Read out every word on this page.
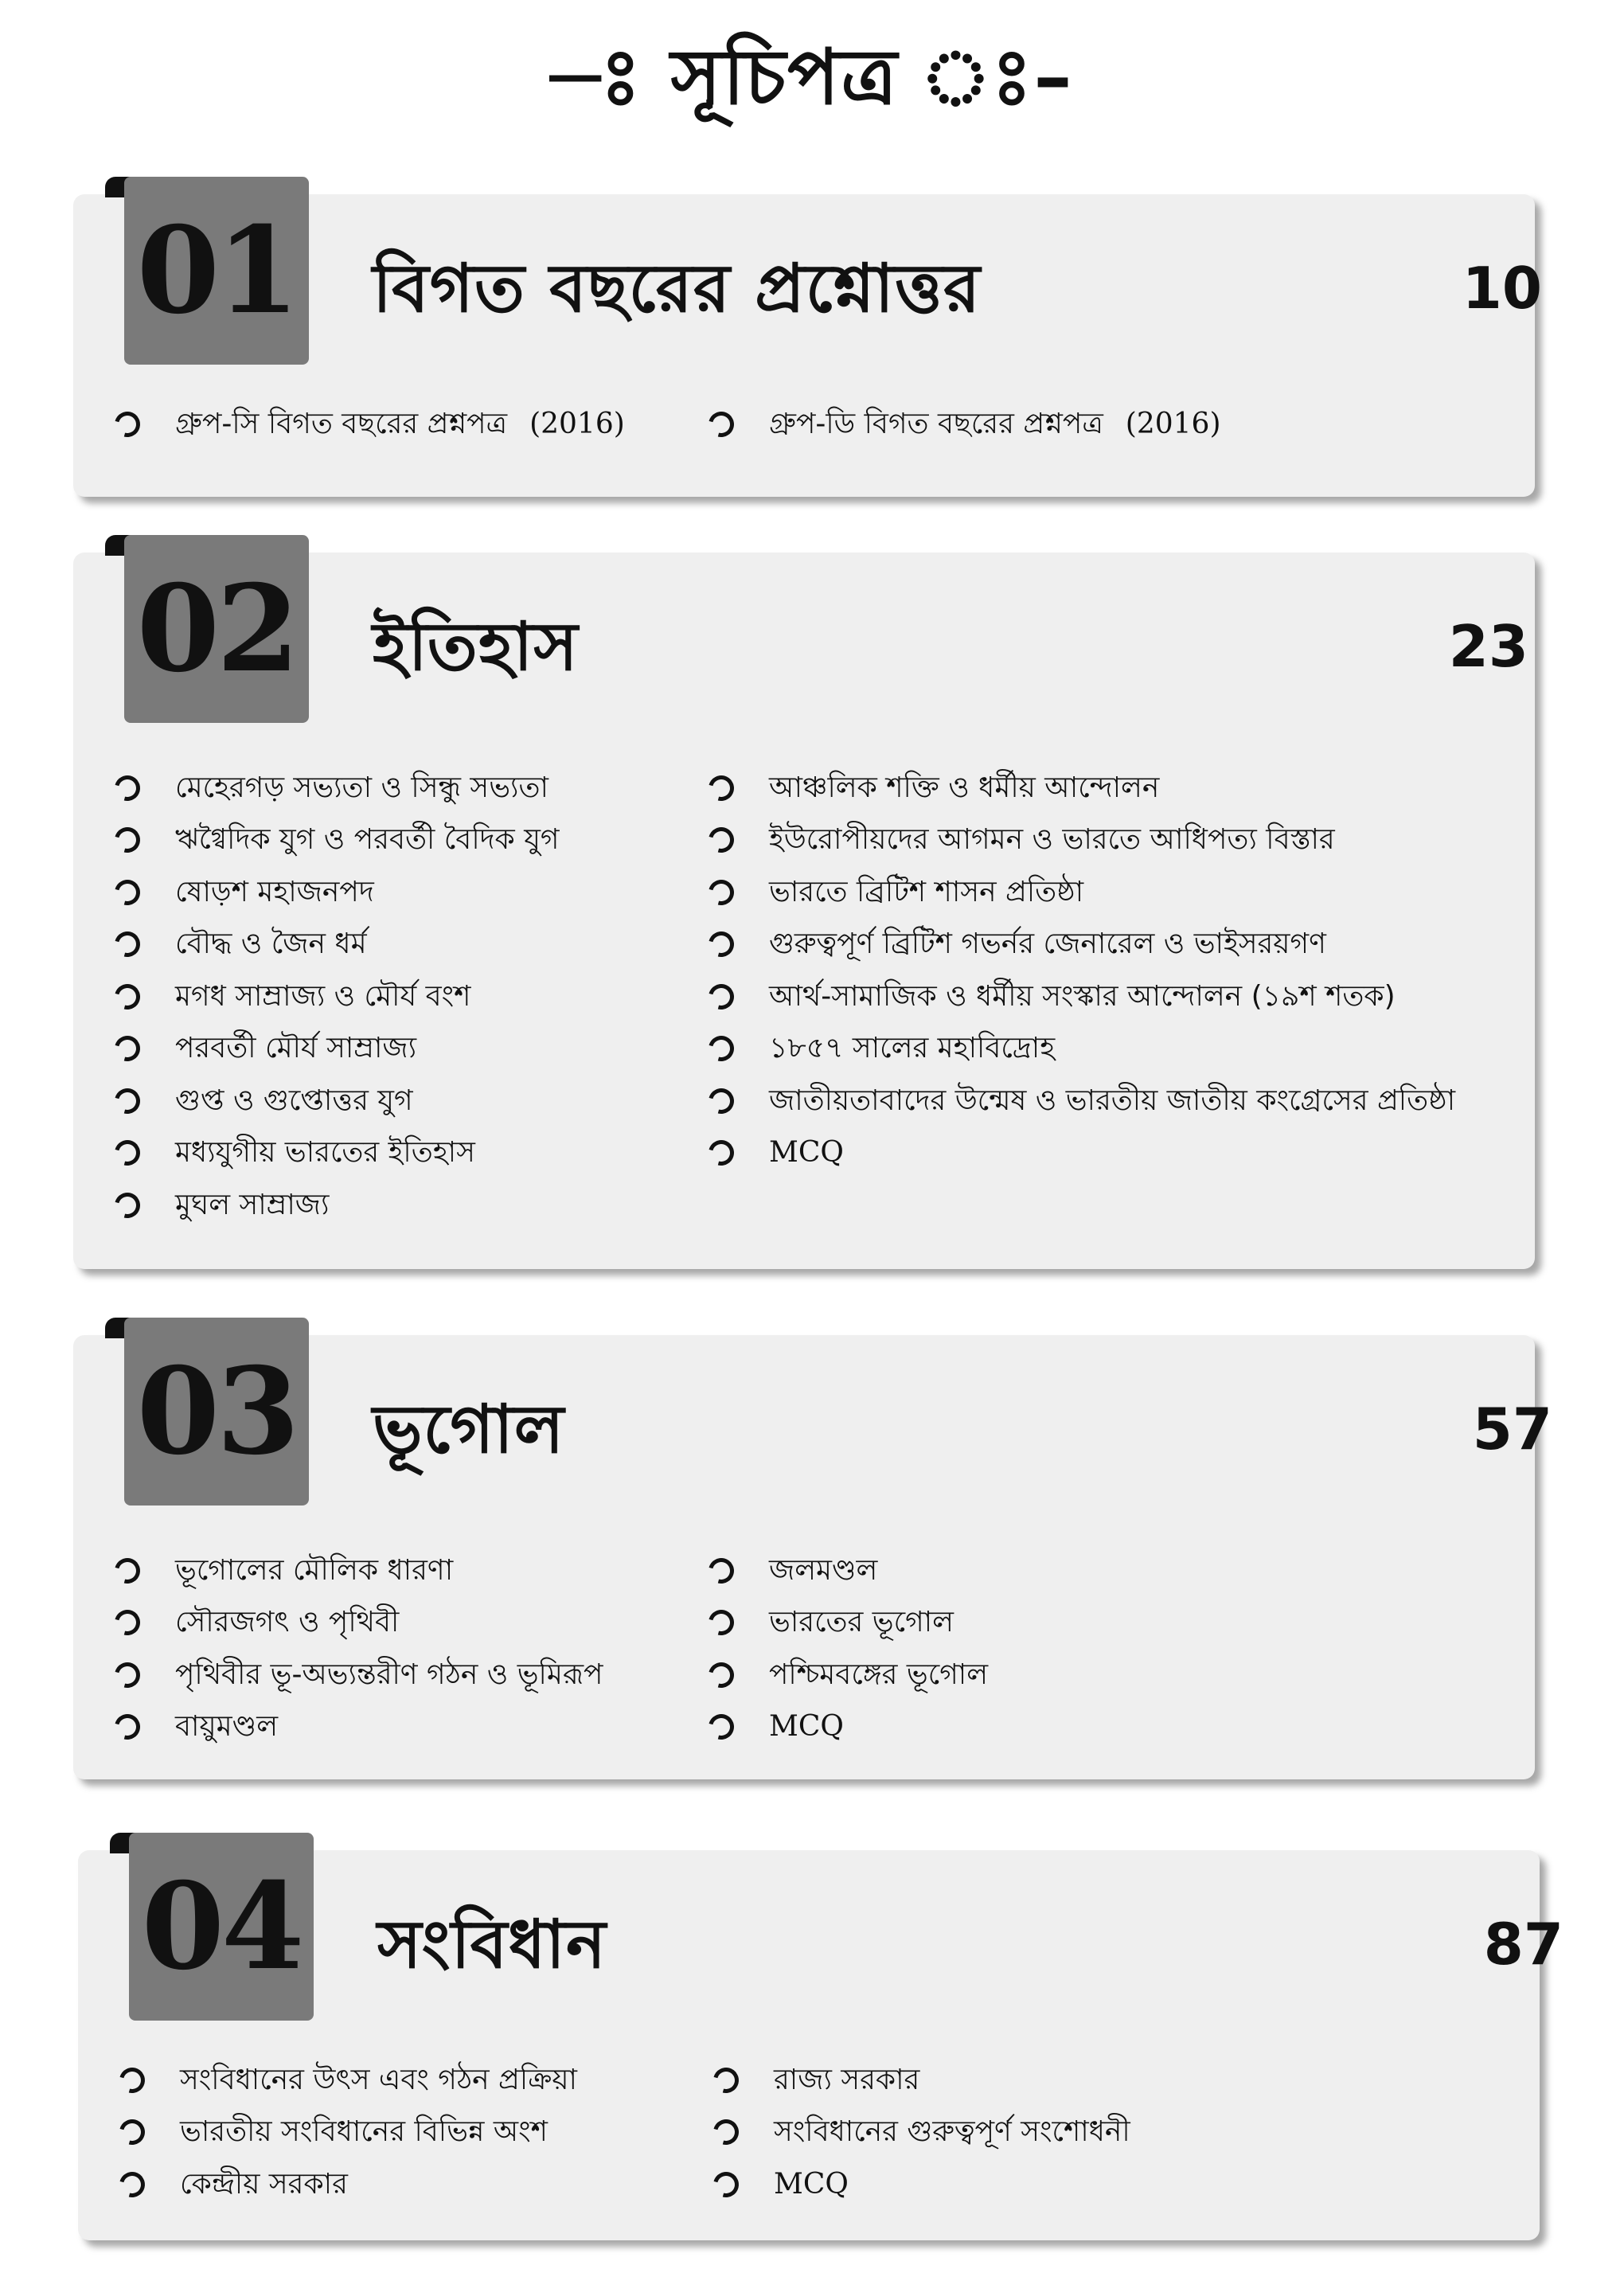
–ঃ সূচিপত্র ঃ–
01 বিগত বছরের প্রশ্নোত্তর	10
গ্রুপ-সি বিগত বছরের প্রশ্নপত্র (2016)	গ্রুপ-ডি বিগত বছরের প্রশ্নপত্র (2016)
02 ইতিহাস	23
মেহেরগড় সভ্যতা ও সিন্ধু সভ্যতা
ঋগ্বৈদিক যুগ ও পরবর্তী বৈদিক যুগ
ষোড়শ মহাজনপদ
বৌদ্ধ ও জৈন ধর্ম
মগধ সাম্রাজ্য ও মৌর্য বংশ
পরবর্তী মৌর্য সাম্রাজ্য
গুপ্ত ও গুপ্তোত্তর যুগ
মধ্যযুগীয় ভারতের ইতিহাস
মুঘল সাম্রাজ্য
আঞ্চলিক শক্তি ও ধর্মীয় আন্দোলন
ইউরোপীয়দের আগমন ও ভারতে আধিপত্য বিস্তার
ভারতে ব্রিটিশ শাসন প্রতিষ্ঠা
গুরুত্বপূর্ণ ব্রিটিশ গভর্নর জেনারেল ও ভাইসরয়গণ
আর্থ-সামাজিক ও ধর্মীয় সংস্কার আন্দোলন (১৯শ শতক)
১৮৫৭ সালের মহাবিদ্রোহ
জাতীয়তাবাদের উন্মেষ ও ভারতীয় জাতীয় কংগ্রেসের প্রতিষ্ঠা
MCQ
03 ভূগোল	57
ভূগোলের মৌলিক ধারণা
সৌরজগৎ ও পৃথিবী
পৃথিবীর ভূ-অভ্যন্তরীণ গঠন ও ভূমিরূপ
বায়ুমণ্ডল
জলমণ্ডল
ভারতের ভূগোল
পশ্চিমবঙ্গের ভূগোল
MCQ
04 সংবিধান	87
সংবিধানের উৎস এবং গঠন প্রক্রিয়া
ভারতীয় সংবিধানের বিভিন্ন অংশ
কেন্দ্রীয় সরকার
রাজ্য সরকার
সংবিধানের গুরুত্বপূর্ণ সংশোধনী
MCQ
